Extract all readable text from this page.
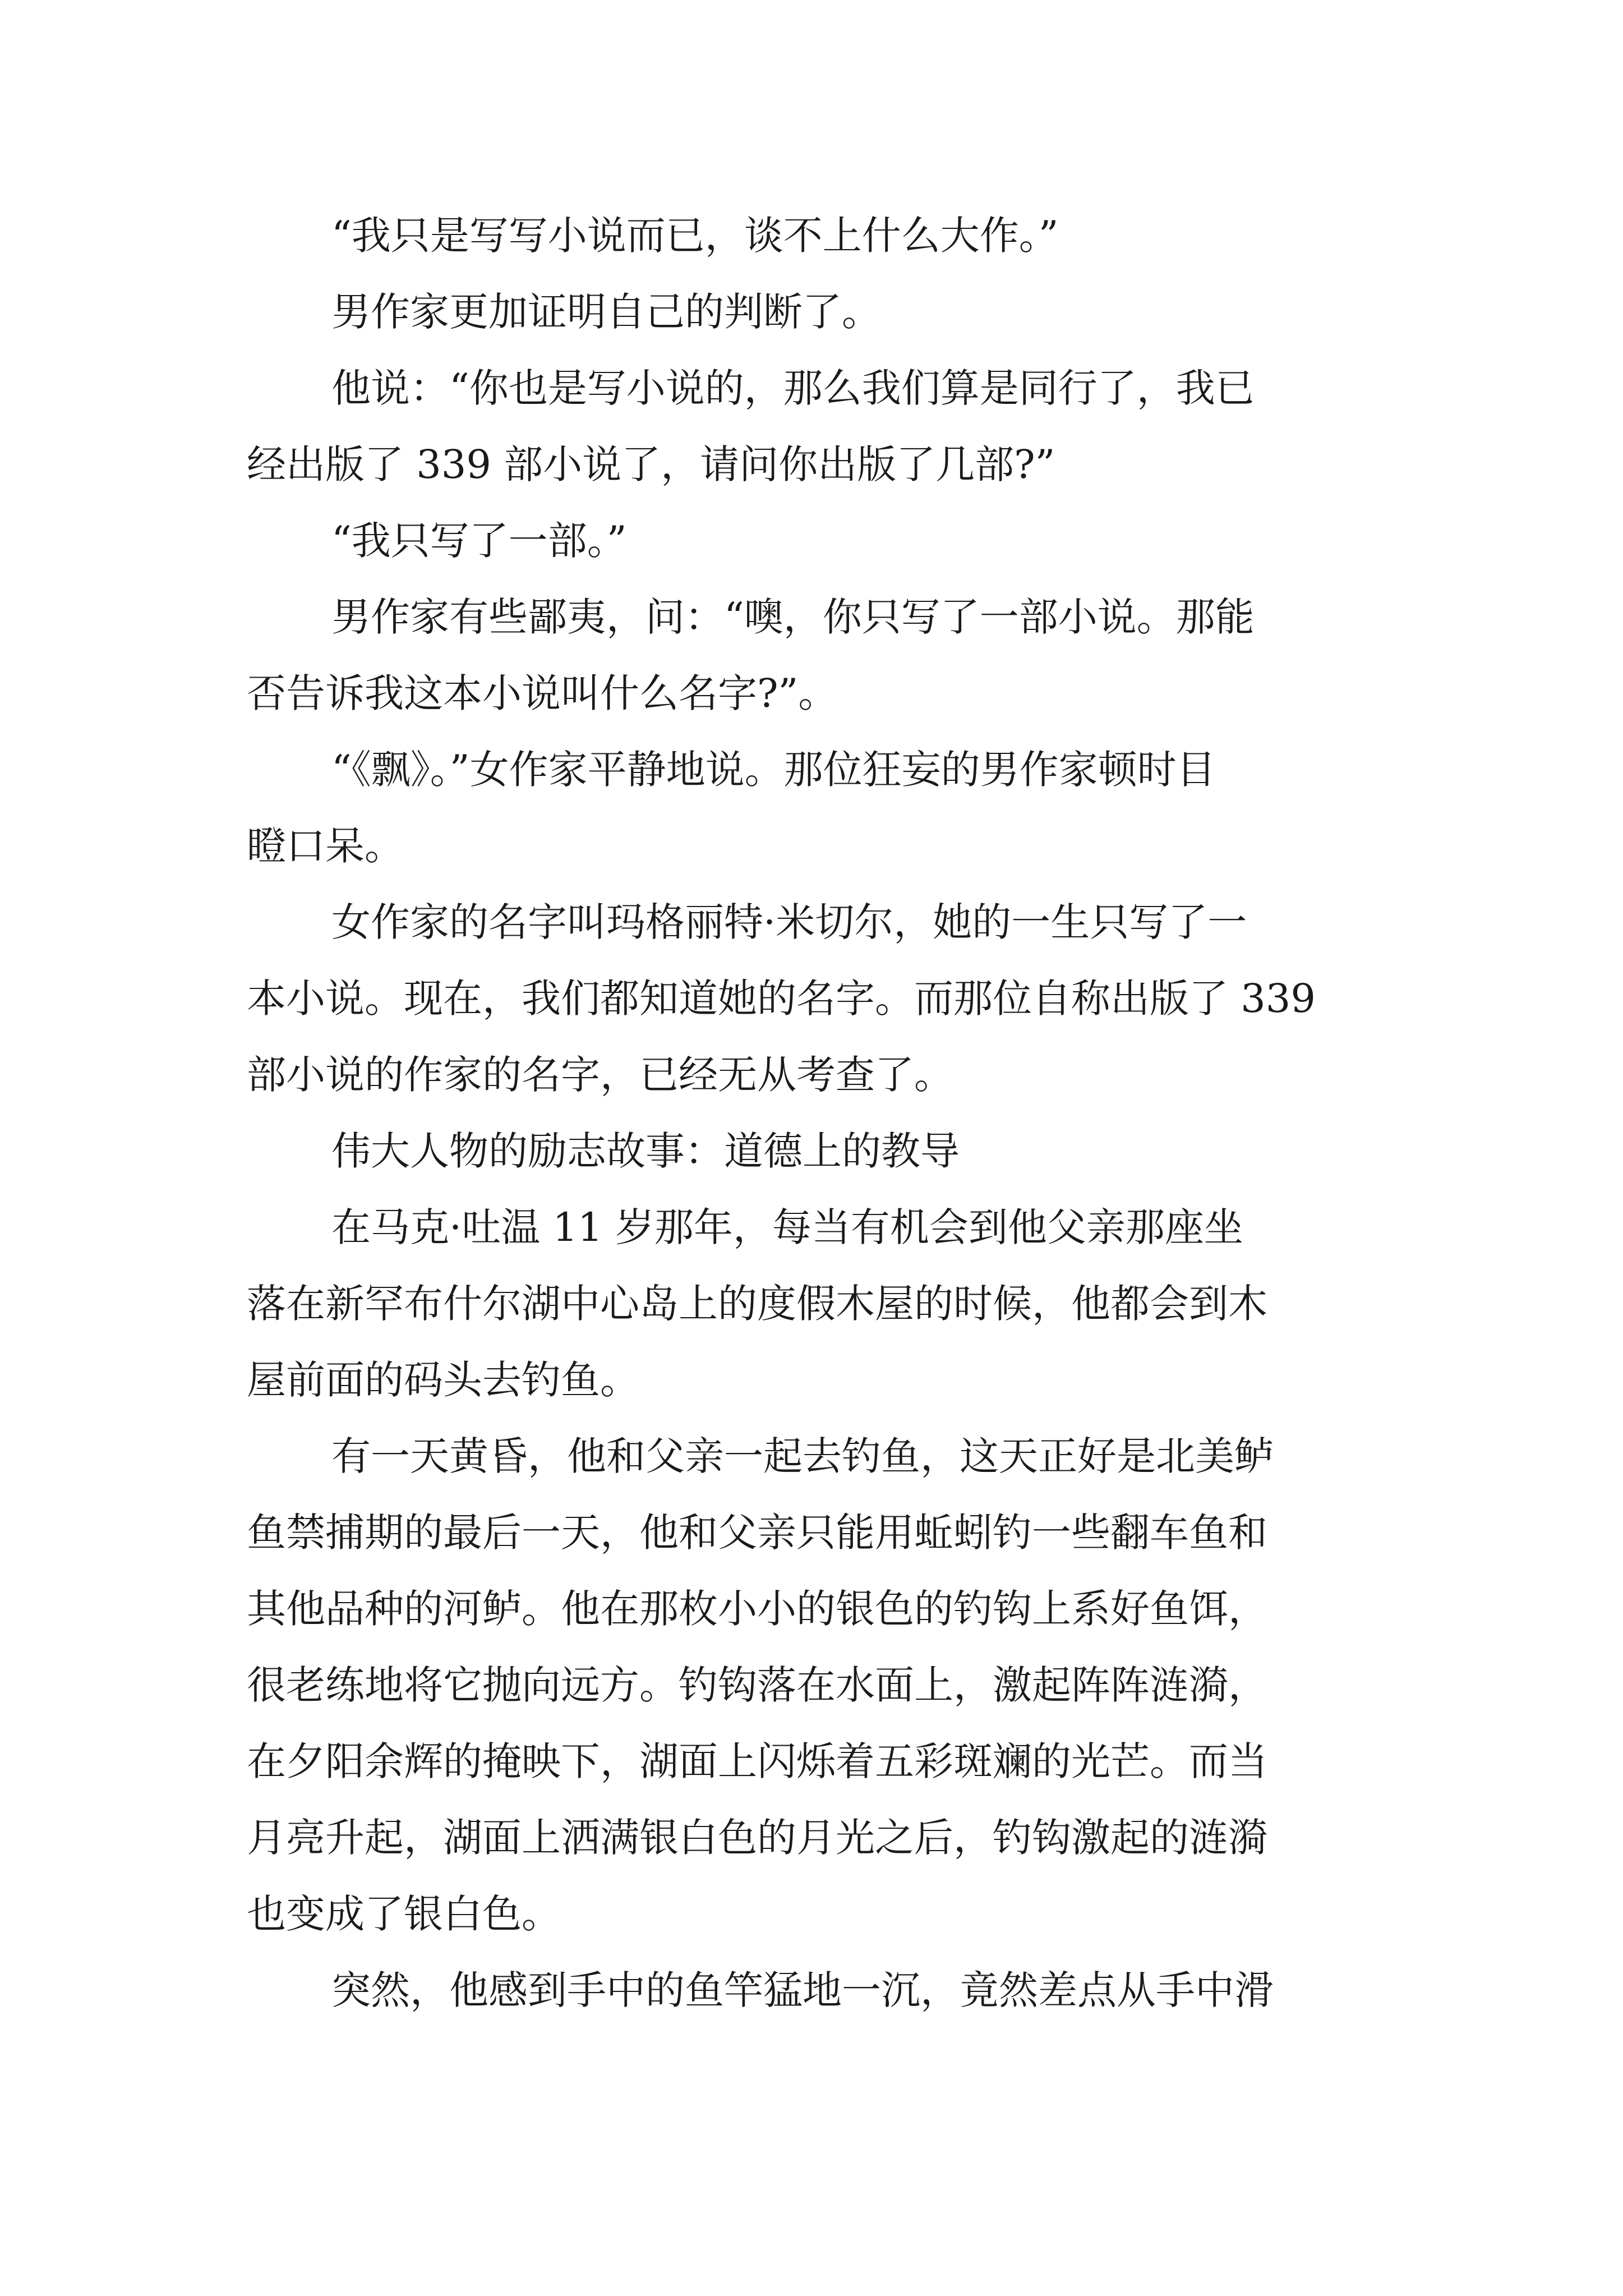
“我只是写写小说而已，谈不上什么大作。”
男作家更加证明自己的判断了。
他说：“你也是写小说的，那么我们算是同行了，我已
经出版了 339 部小说了，请问你出版了几部?”
“我只写了一部。”
男作家有些鄙夷，问：“噢，你只写了一部小说。那能
否告诉我这本小说叫什么名字?”。
“《飘》。”女作家平静地说。那位狂妄的男作家顿时目
瞪口呆。
女作家的名字叫玛格丽特·米切尔，她的一生只写了一
本小说。现在，我们都知道她的名字。而那位自称出版了 339
部小说的作家的名字，已经无从考查了。
伟大人物的励志故事：道德上的教导
在马克·吐温 11 岁那年，每当有机会到他父亲那座坐
落在新罕布什尔湖中心岛上的度假木屋的时候，他都会到木
屋前面的码头去钓鱼。
有一天黄昏，他和父亲一起去钓鱼，这天正好是北美鲈
鱼禁捕期的最后一天，他和父亲只能用蚯蚓钓一些翻车鱼和
其他品种的河鲈。他在那枚小小的银色的钓钩上系好鱼饵，
很老练地将它抛向远方。钓钩落在水面上，激起阵阵涟漪，
在夕阳余辉的掩映下，湖面上闪烁着五彩斑斓的光芒。而当
月亮升起，湖面上洒满银白色的月光之后，钓钩激起的涟漪
也变成了银白色。
突然，他感到手中的鱼竿猛地一沉，竟然差点从手中滑
